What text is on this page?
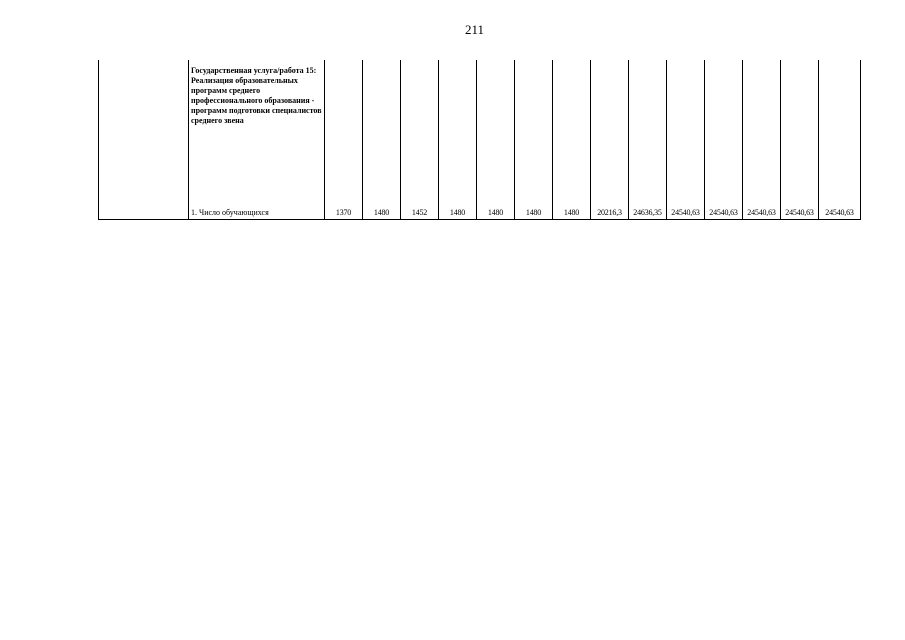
211
	Государственная услуга/работа 15: Реализация образовательных программ среднего профессионального образования - программ подготовки специалистов среднего звена														
	1. Число обучающихся	1370	1480	1452	1480	1480	1480	1480	20216,3	24636,35	24540,63	24540,63	24540,63	24540,63	24540,63
